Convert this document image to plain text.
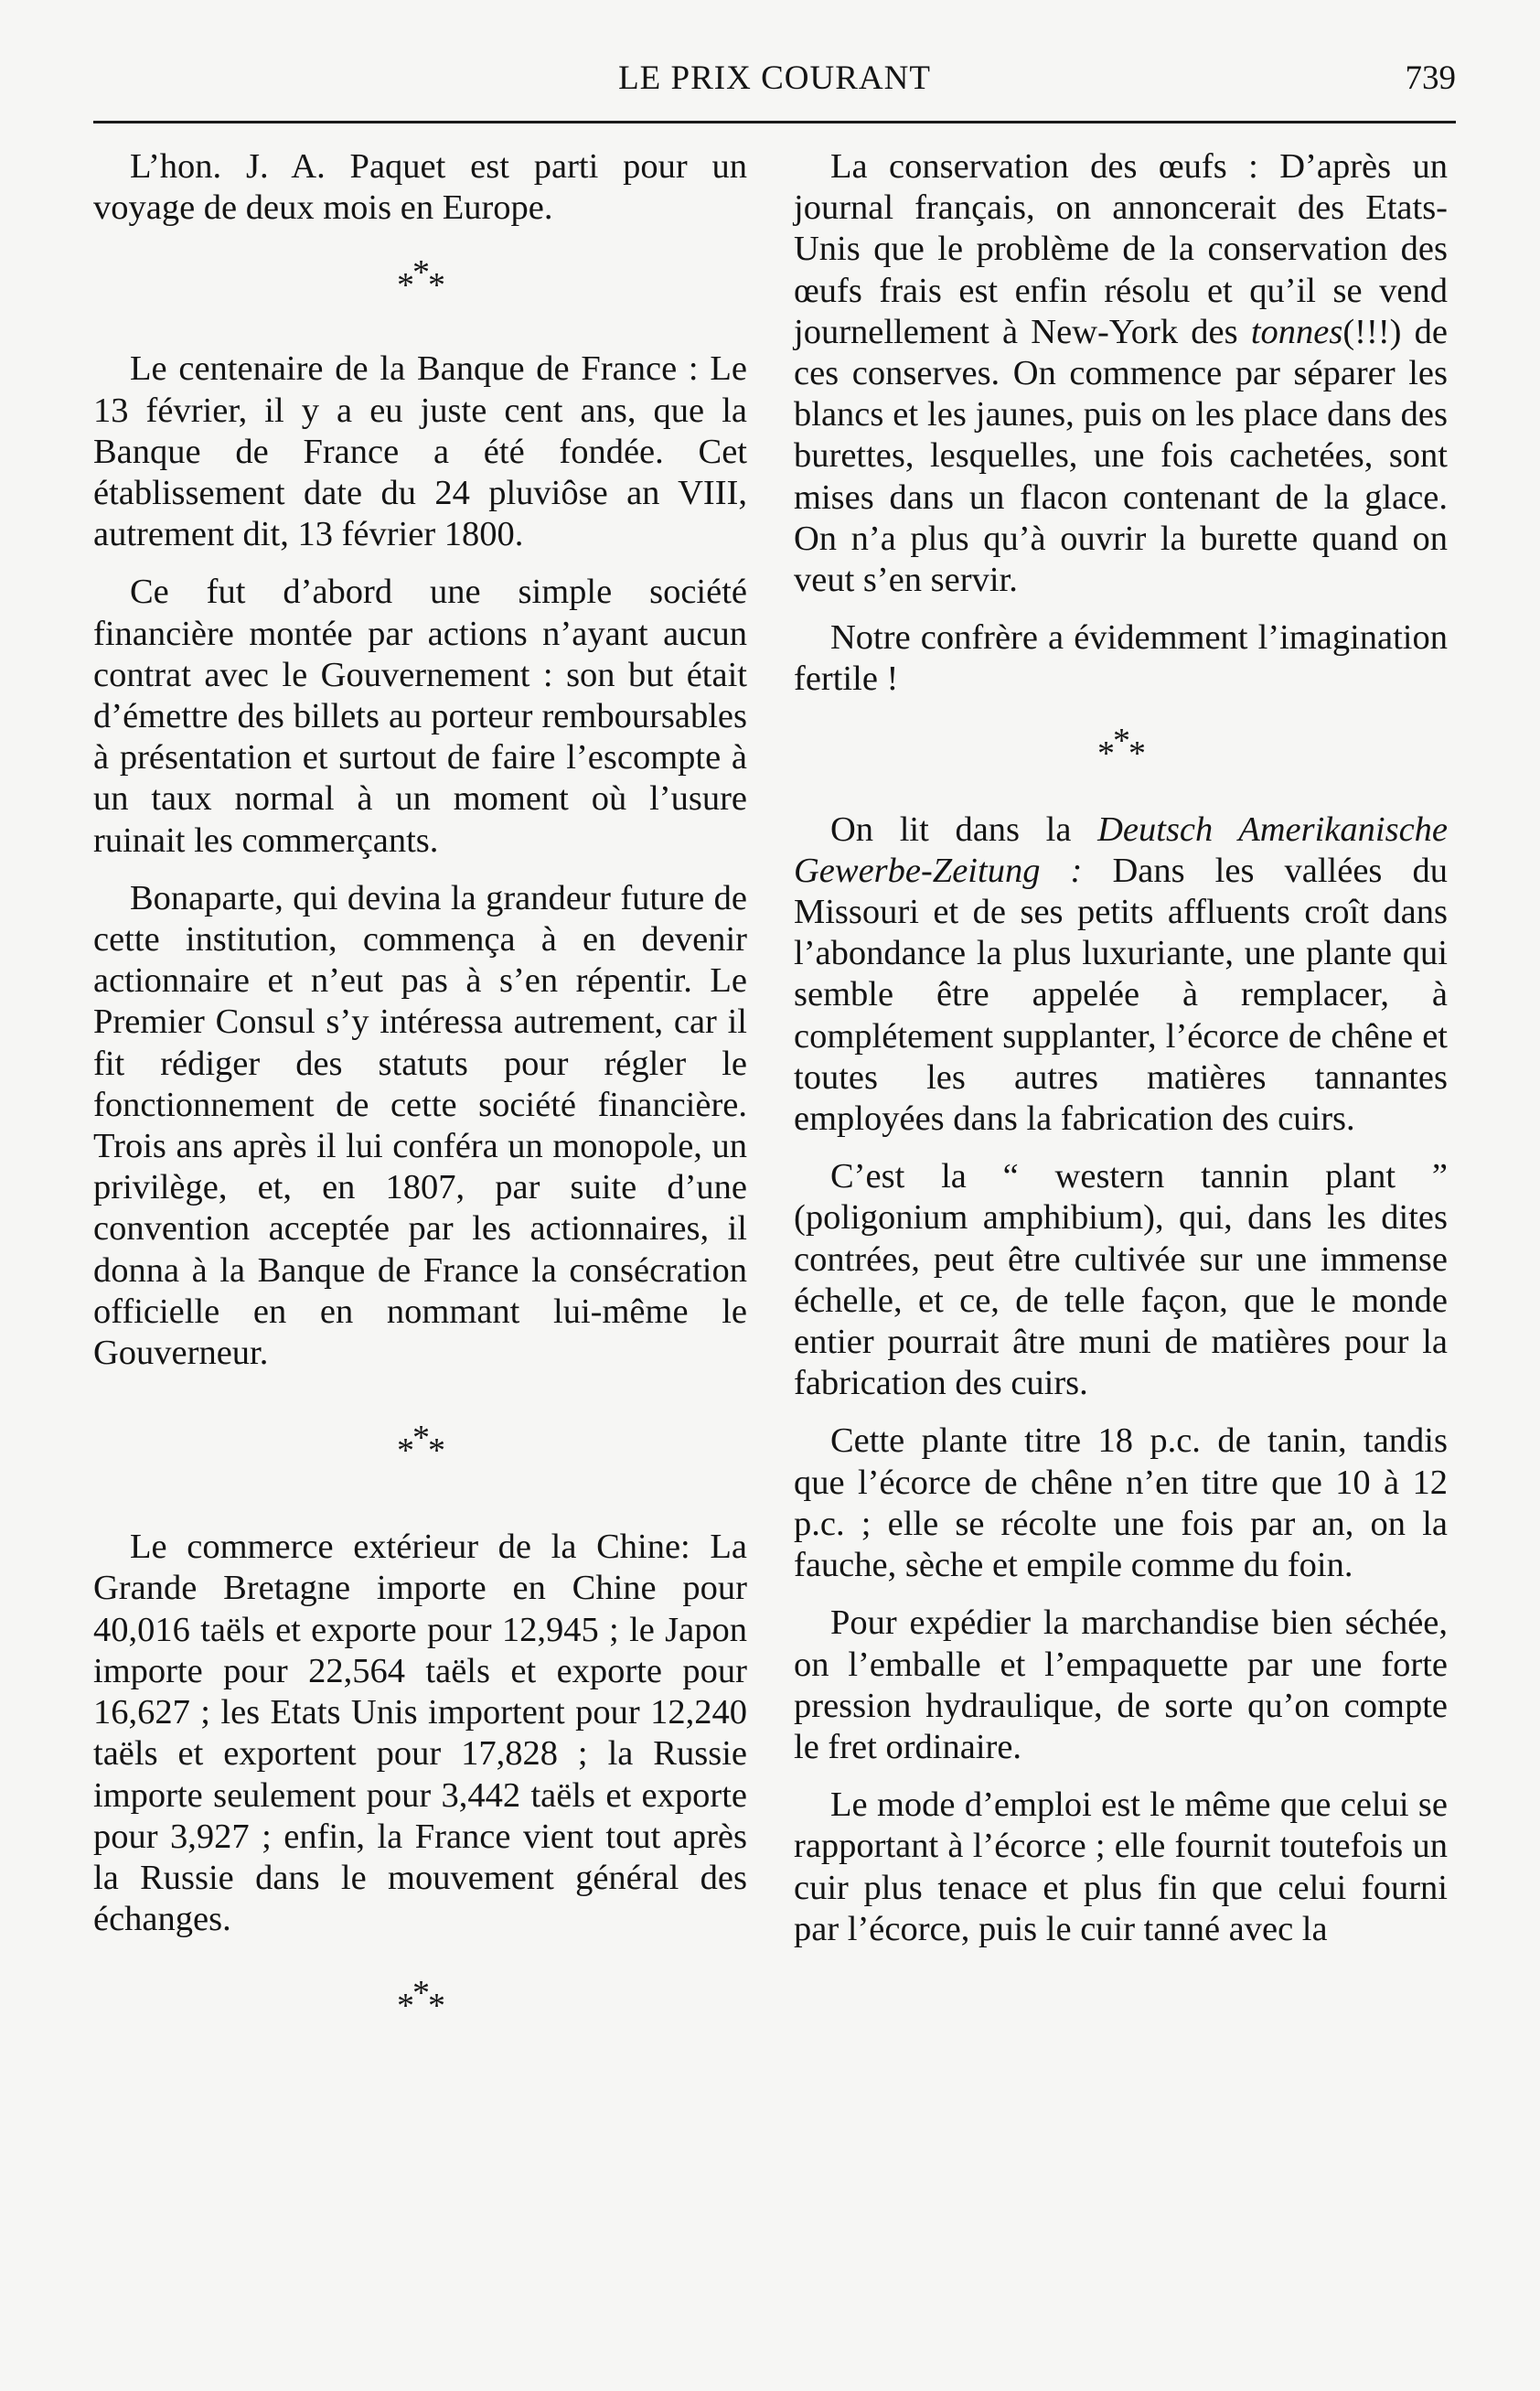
LE PRIX COURANT	739

L’hon. J. A. Paquet est parti pour un voyage de deux mois en Europe.

***

Le centenaire de la Banque de France : Le 13 février, il y a eu juste cent ans, que la Banque de France a été fondée. Cet établissement date du 24 pluviôse an VIII, autrement dit, 13 février 1800.

Ce fut d’abord une simple société financière montée par actions n’ayant aucun contrat avec le Gouvernement : son but était d’émettre des billets au porteur remboursables à présentation et surtout de faire l’escompte à un taux normal à un moment où l’usure ruinait les commerçants.

Bonaparte, qui devina la grandeur future de cette institution, commença à en devenir actionnaire et n’eut pas à s’en répentir. Le Premier Consul s’y intéressa autrement, car il fit rédiger des statuts pour régler le fonctionnement de cette société financière. Trois ans après il lui conféra un monopole, un privilège, et, en 1807, par suite d’une convention acceptée par les actionnaires, il donna à la Banque de France la consécration officielle en en nommant lui-même le Gouverneur.

***

Le commerce extérieur de la Chine: La Grande Bretagne importe en Chine pour 40,016 taëls et exporte pour 12,945 ; le Japon importe pour 22,564 taëls et exporte pour 16,627 ; les Etats Unis importent pour 12,240 taëls et exportent pour 17,828 ; la Russie importe seulement pour 3,442 taëls et exporte pour 3,927 ; enfin, la France vient tout après la Russie dans le mouvement général des échanges.

***

La conservation des œufs : D’après un journal français, on annoncerait des Etats-Unis que le problème de la conservation des œufs frais est enfin résolu et qu’il se vend journellement à New-York des tonnes(!!!) de ces conserves. On commence par séparer les blancs et les jaunes, puis on les place dans des burettes, lesquelles, une fois cachetées, sont mises dans un flacon contenant de la glace. On n’a plus qu’à ouvrir la burette quand on veut s’en servir.

Notre confrère a évidemment l’imagination fertile !

***

On lit dans la Deutsch Amerikanische Gewerbe-Zeitung : Dans les vallées du Missouri et de ses petits affluents croît dans l’abondance la plus luxuriante, une plante qui semble être appelée à remplacer, à complétement supplanter, l’écorce de chêne et toutes les autres matières tannantes employées dans la fabrication des cuirs.

C’est la “ western tannin plant ” (poligonium amphibium), qui, dans les dites contrées, peut être cultivée sur une immense échelle, et ce, de telle façon, que le monde entier pourrait âtre muni de matières pour la fabrication des cuirs.

Cette plante titre 18 p.c. de tanin, tandis que l’écorce de chêne n’en titre que 10 à 12 p.c. ; elle se récolte une fois par an, on la fauche, sèche et empile comme du foin.

Pour expédier la marchandise bien séchée, on l’emballe et l’empaquette par une forte pression hydraulique, de sorte qu’on compte le fret ordinaire.

Le mode d’emploi est le même que celui se rapportant à l’écorce ; elle fournit toutefois un cuir plus tenace et plus fin que celui fourni par l’écorce, puis le cuir tanné avec la
